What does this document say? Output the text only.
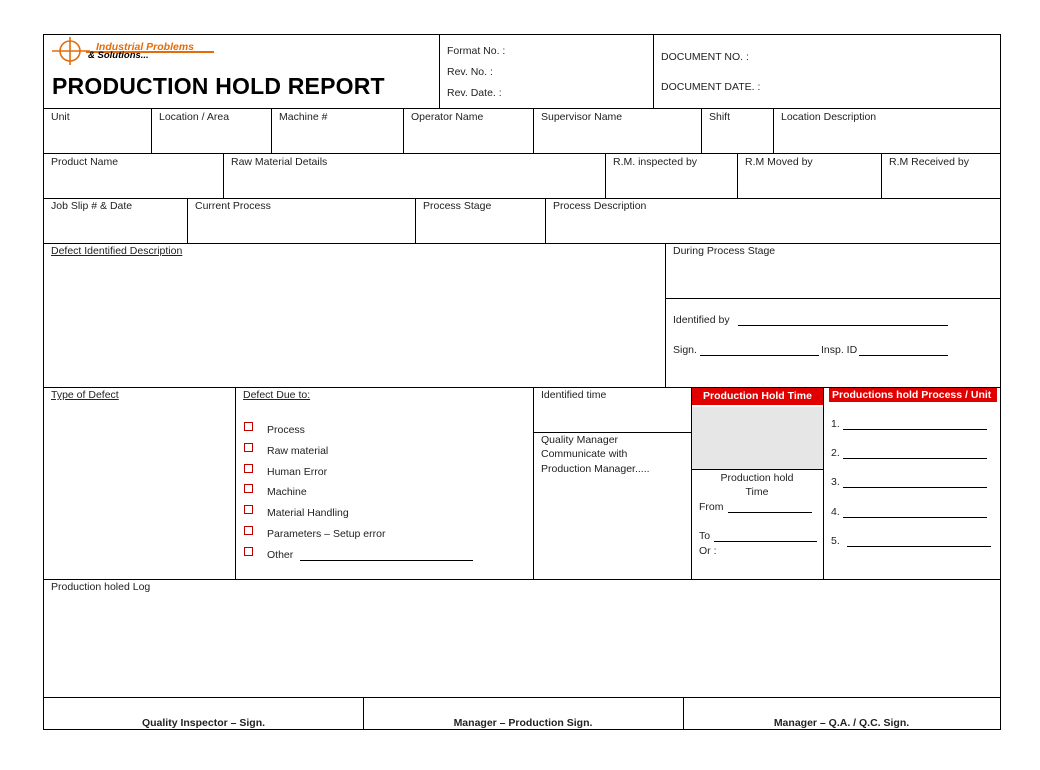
Industrial Problems
& Solutions...
PRODUCTION HOLD REPORT
Format No. :
Rev. No. :
Rev. Date. :
DOCUMENT NO. :
DOCUMENT DATE. :
Unit	Location / Area	Machine #	Operator Name	Supervisor Name	Shift	Location Description
Product Name	Raw Material Details	R.M. inspected by	R.M Moved by	R.M Received by
Job Slip # & Date	Current Process	Process Stage	Process Description
Defect Identified Description	During Process Stage
Identified by
Sign.	Insp. ID
Type of Defect	Defect Due to:
Process
Raw material
Human Error
Machine
Material Handling
Parameters – Setup error
Other
Identified time
Quality Manager
Communicate with
Production Manager.....
Production Hold Time
Production hold
Time
From
To
Or :
Productions hold Process / Unit
1.
2.
3.
4.
5.
Production holed Log
Quality Inspector – Sign.	Manager – Production Sign.	Manager – Q.A. / Q.C. Sign.
